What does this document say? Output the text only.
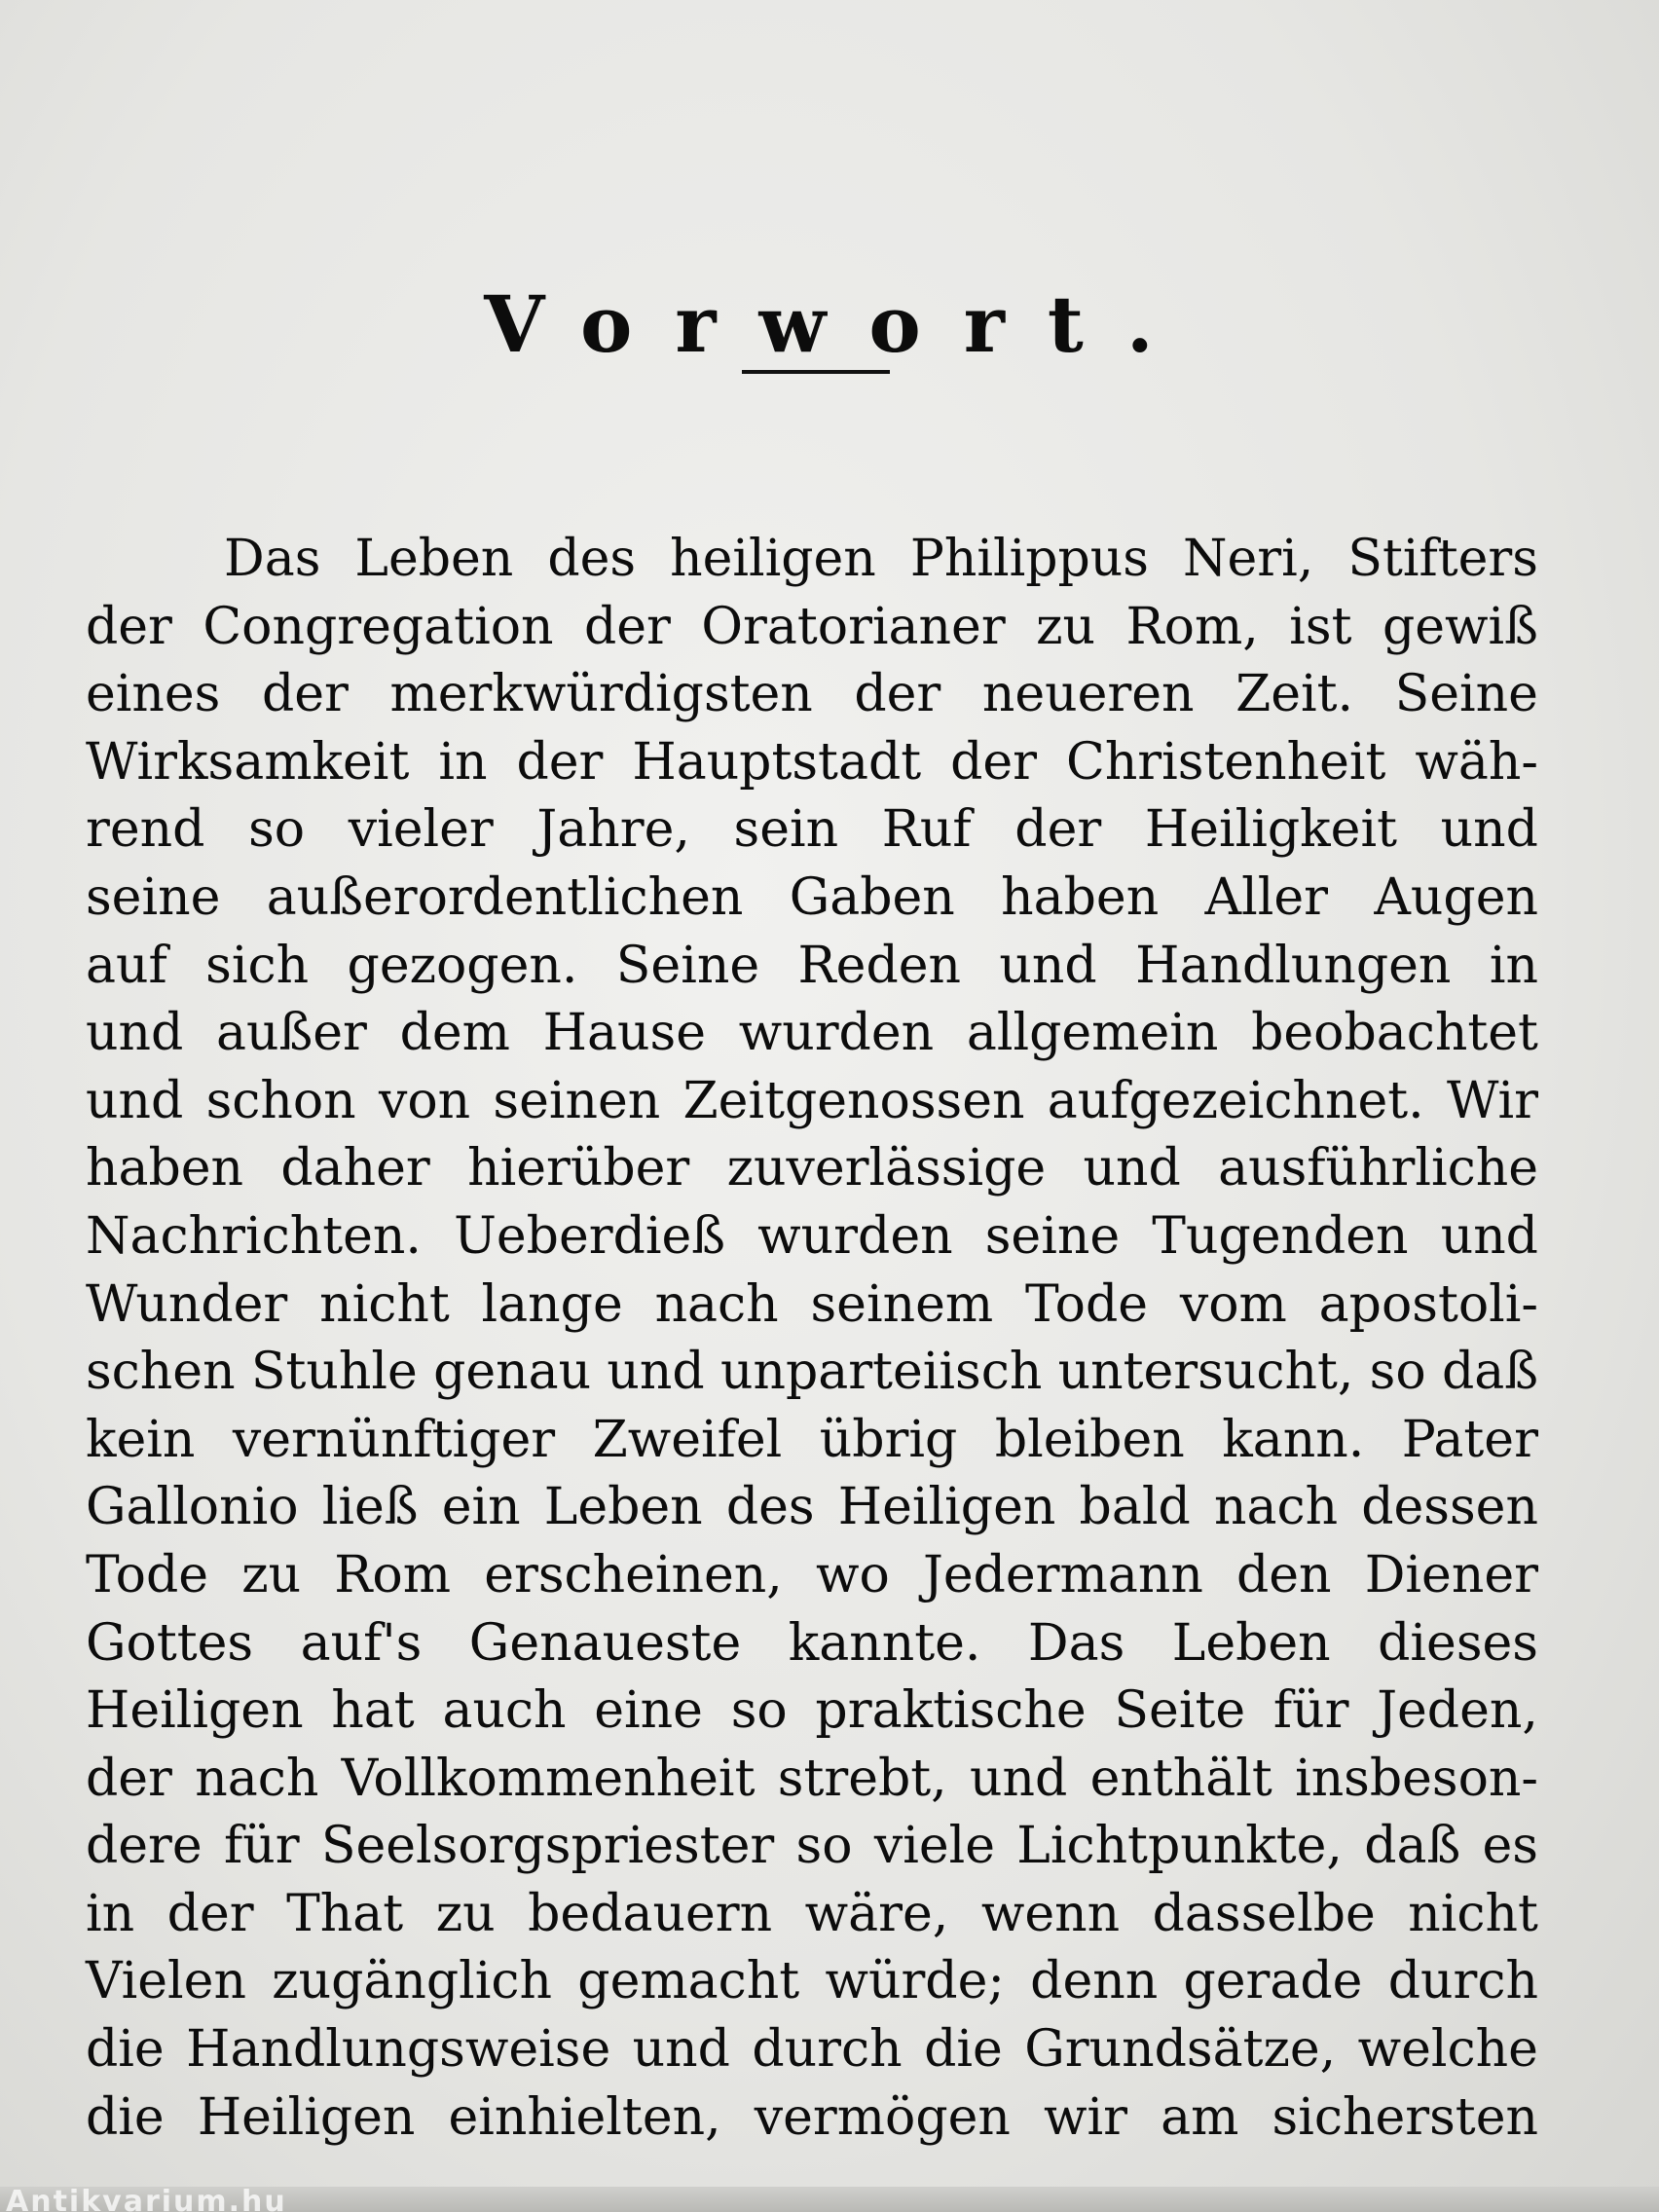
Vorwort.
Das Leben des heiligen Philippus Neri, Stifters
der Congregation der Oratorianer zu Rom, ist gewiß
eines der merkwürdigsten der neueren Zeit. Seine
Wirksamkeit in der Hauptstadt der Christenheit wäh-
rend so vieler Jahre, sein Ruf der Heiligkeit und
seine außerordentlichen Gaben haben Aller Augen
auf sich gezogen. Seine Reden und Handlungen in
und außer dem Hause wurden allgemein beobachtet
und schon von seinen Zeitgenossen aufgezeichnet. Wir
haben daher hierüber zuverlässige und ausführliche
Nachrichten. Ueberdieß wurden seine Tugenden und
Wunder nicht lange nach seinem Tode vom apostoli-
schen Stuhle genau und unparteiisch untersucht, so daß
kein vernünftiger Zweifel übrig bleiben kann. Pater
Gallonio ließ ein Leben des Heiligen bald nach dessen
Tode zu Rom erscheinen, wo Jedermann den Diener
Gottes auf's Genaueste kannte. Das Leben dieses
Heiligen hat auch eine so praktische Seite für Jeden,
der nach Vollkommenheit strebt, und enthält insbeson-
dere für Seelsorgspriester so viele Lichtpunkte, daß es
in der That zu bedauern wäre, wenn dasselbe nicht
Vielen zugänglich gemacht würde; denn gerade durch
die Handlungsweise und durch die Grundsätze, welche
die Heiligen einhielten, vermögen wir am sichersten
Antikvarium.hu
